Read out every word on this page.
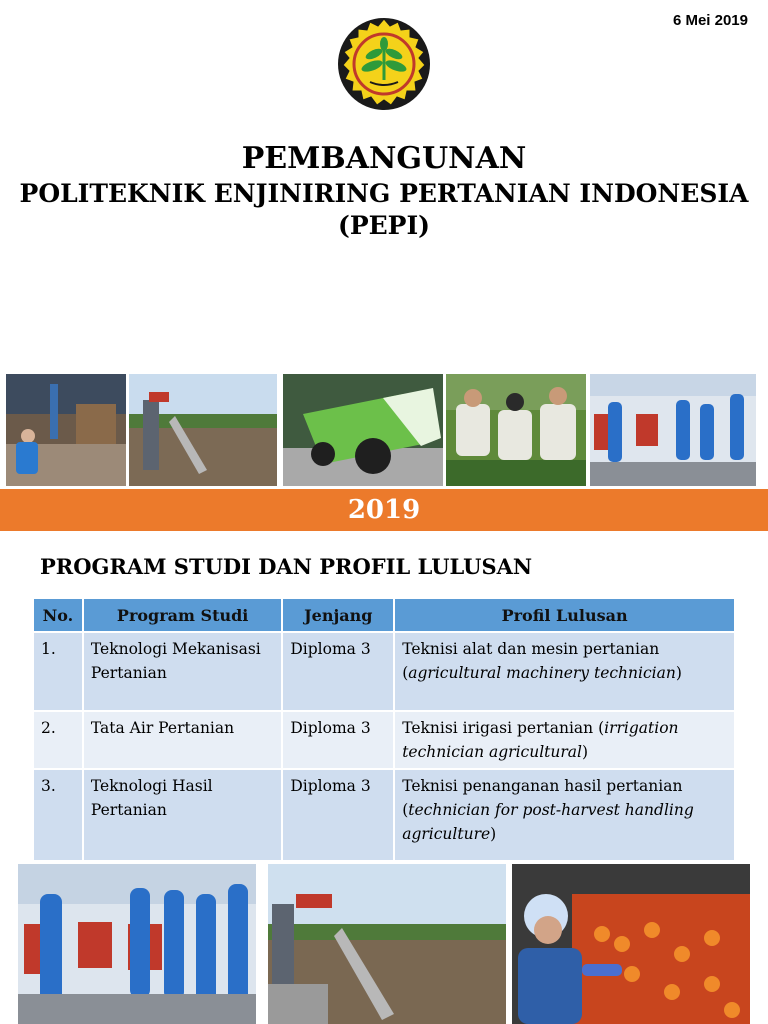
6 Mei 2019
PEMBANGUNAN
POLITEKNIK ENJINIRING PERTANIAN INDONESIA
(PEPI)
2019
PROGRAM STUDI DAN PROFIL LULUSAN
No.	Program Studi	Jenjang	Profil Lulusan
1.	Teknologi Mekanisasi Pertanian	Diploma 3	Teknisi alat dan mesin pertanian
(agricultural machinery technician)
2.	Tata Air Pertanian	Diploma 3	Teknisi irigasi pertanian (irrigation technician agricultural)
3.	Teknologi Hasil Pertanian	Diploma 3	Teknisi penanganan hasil pertanian
(technician for post-harvest handling agriculture)
